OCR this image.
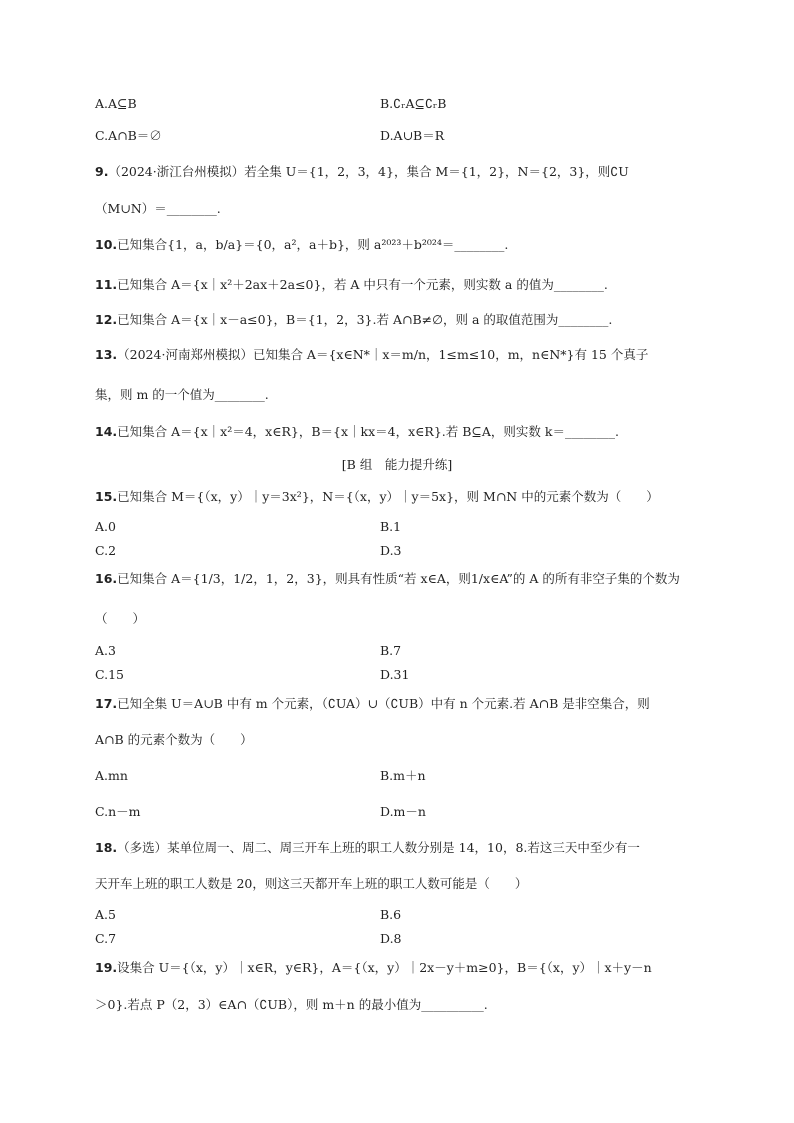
A.A⊆B	B.∁ᵣA⊆∁ᵣB
C.A∩B＝∅	D.A∪B＝R
9.（2024·浙江台州模拟）若全集 U＝{1，2，3，4}，集合 M＝{1，2}，N＝{2，3}，则∁U
（M∪N）＝________.
10.已知集合{1，a，b/a}＝{0，a²，a＋b}，则 a²⁰²³＋b²⁰²⁴＝________.
11.已知集合 A＝{x｜x²＋2ax＋2a≤0}，若 A 中只有一个元素，则实数 a 的值为________.
12.已知集合 A＝{x｜x－a≤0}，B＝{1，2，3}.若 A∩B≠∅，则 a 的取值范围为________.
13.（2024·河南郑州模拟）已知集合 A＝{x∈N*｜x＝m/n，1≤m≤10，m，n∈N*}有 15 个真子
集，则 m 的一个值为________.
14.已知集合 A＝{x｜x²＝4，x∈R}，B＝{x｜kx＝4，x∈R}.若 B⊆A，则实数 k＝________.
[B 组　能力提升练]
15.已知集合 M＝{（x，y）｜y＝3x²}，N＝{（x，y）｜y＝5x}，则 M∩N 中的元素个数为（　　）
A.0	B.1
C.2	D.3
16.已知集合 A＝{1/3，1/2，1，2，3}，则具有性质“若 x∈A，则1/x∈A”的 A 的所有非空子集的个数为
（　　）
A.3	B.7
C.15	D.31
17.已知全集 U＝A∪B 中有 m 个元素，（∁UA）∪（∁UB）中有 n 个元素.若 A∩B 是非空集合，则
A∩B 的元素个数为（　　）
A.mn	B.m＋n
C.n－m	D.m－n
18.（多选）某单位周一、周二、周三开车上班的职工人数分别是 14，10，8.若这三天中至少有一
天开车上班的职工人数是 20，则这三天都开车上班的职工人数可能是（　　）
A.5	B.6
C.7	D.8
19.设集合 U＝{（x，y）｜x∈R，y∈R}，A＝{（x，y）｜2x－y＋m≥0}，B＝{（x，y）｜x＋y－n
＞0}.若点 P（2，3）∈A∩（∁UB），则 m＋n 的最小值为__________.
